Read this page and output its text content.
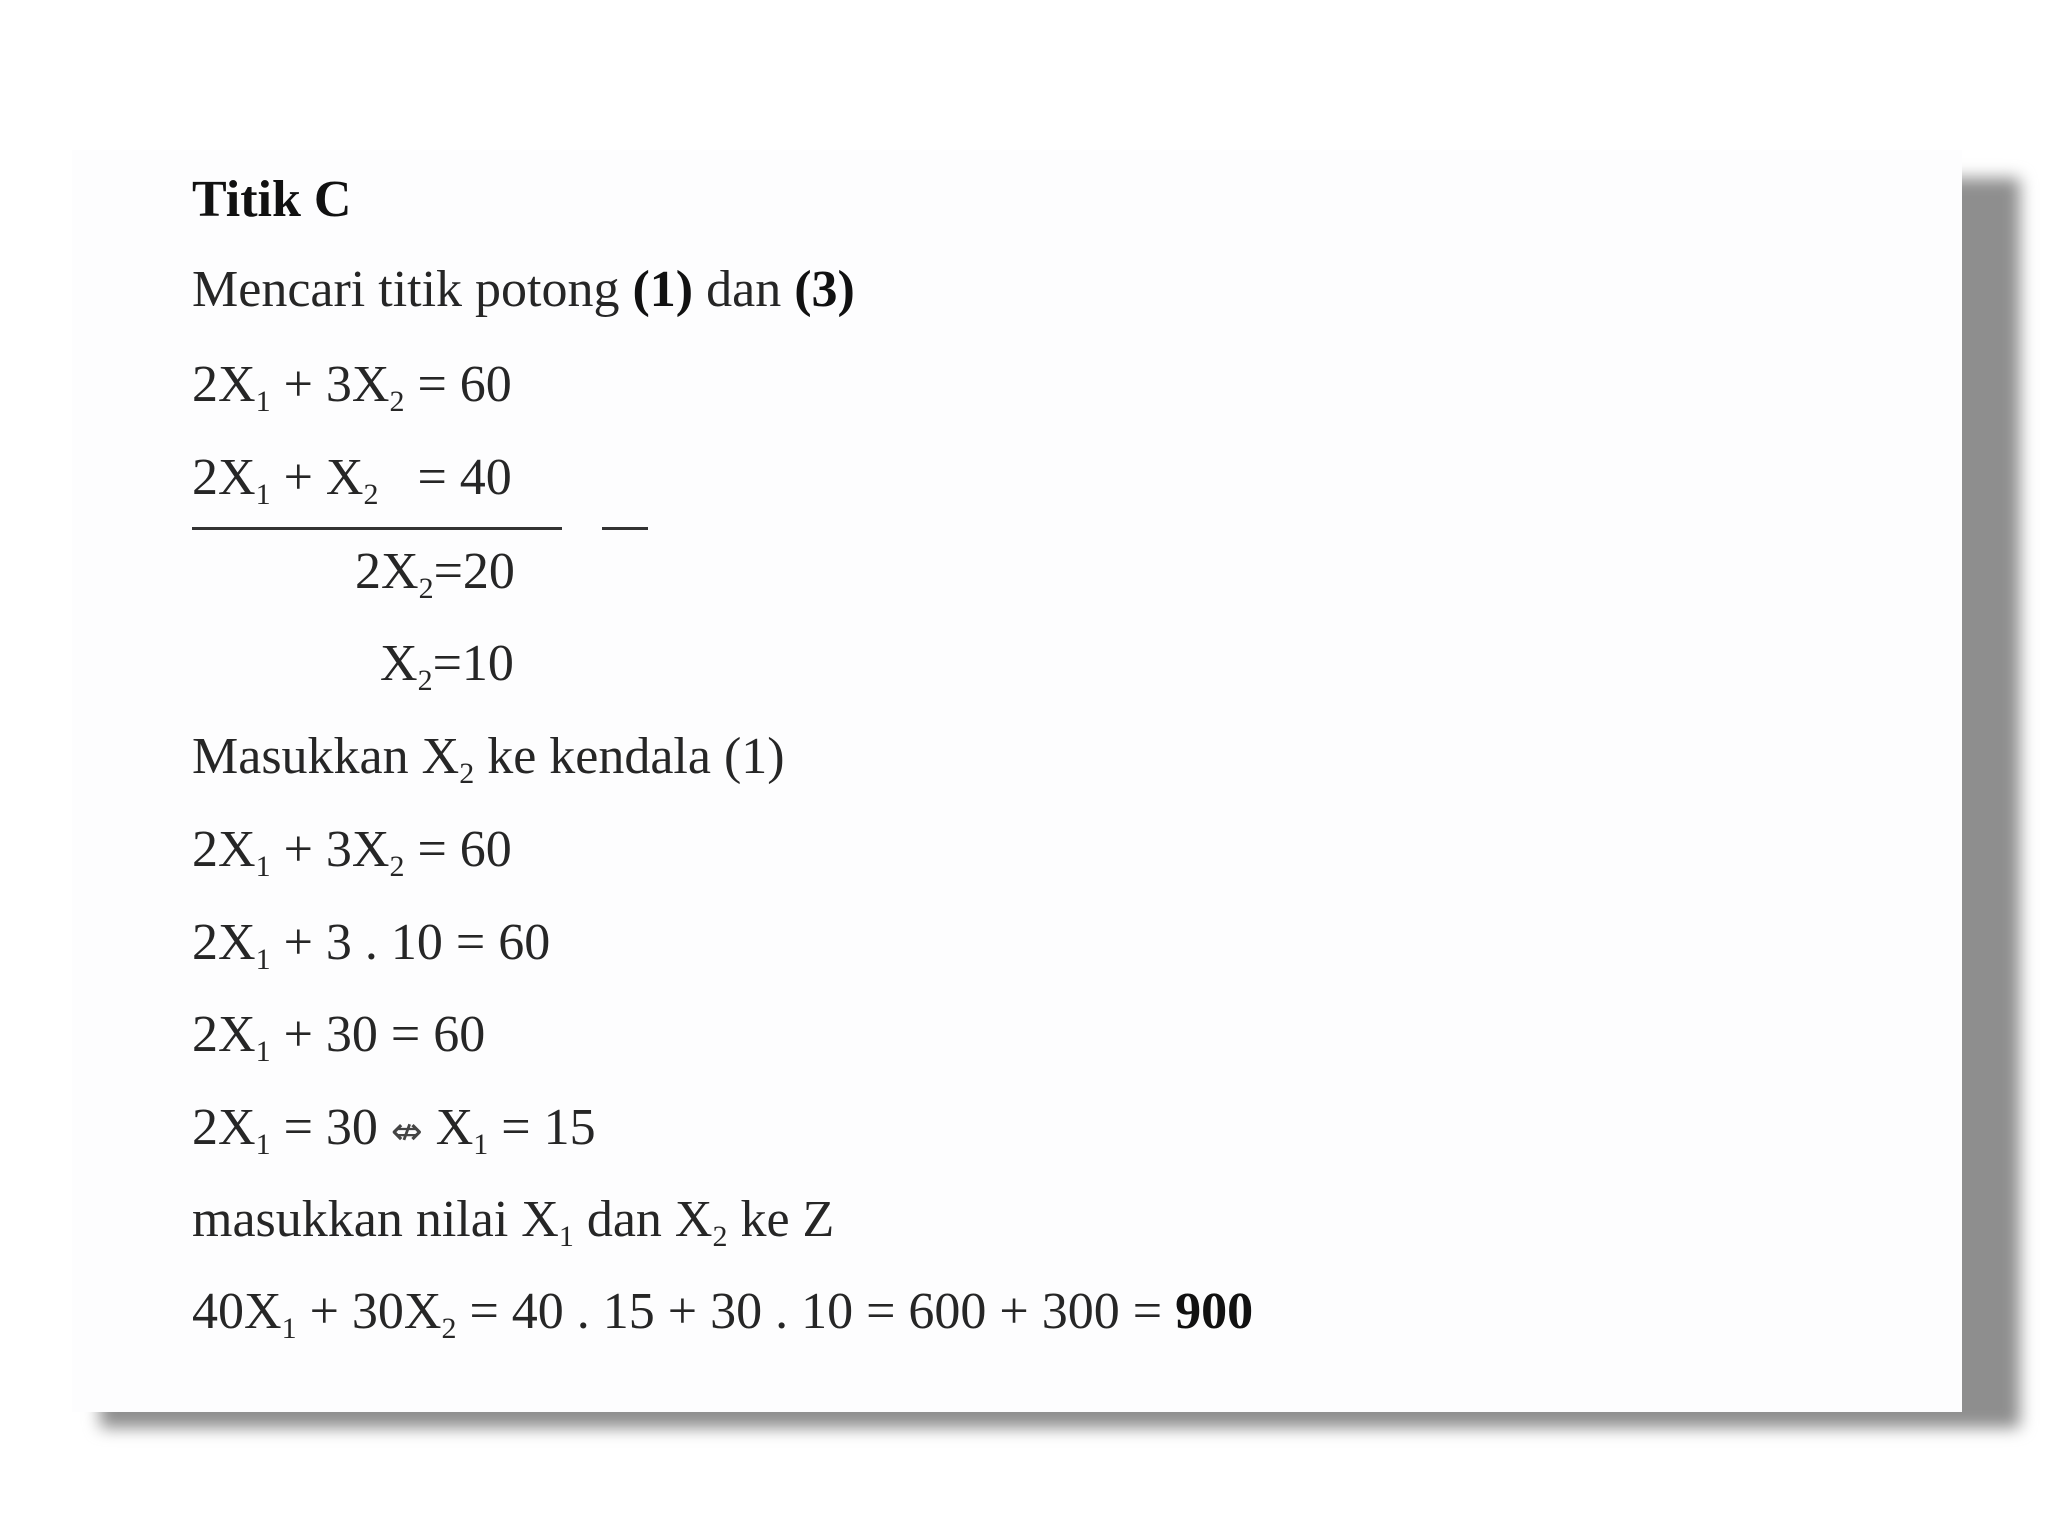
Titik C
Mencari titik potong (1) dan (3)
$2X_1 + 3X_2 = 60$
$2X_1 + X_2 = 40$
$2X_2=20$
$X_2=10$
Masukkan $X_2$ ke kendala (1)
$2X_1 + 3X_2 = 60$
$2X_1 + 3$ . 10 = 60
$2X_1 + 30 = 60$
$2X_1 = 30$ ⇎ $X_1 = 15$
masukkan nilai $X_1$ dan $X_2$ ke Z
$40X_1 + 30X_2 = 40$ . 15 + 30 . 10 = 600 + 300 = 900
